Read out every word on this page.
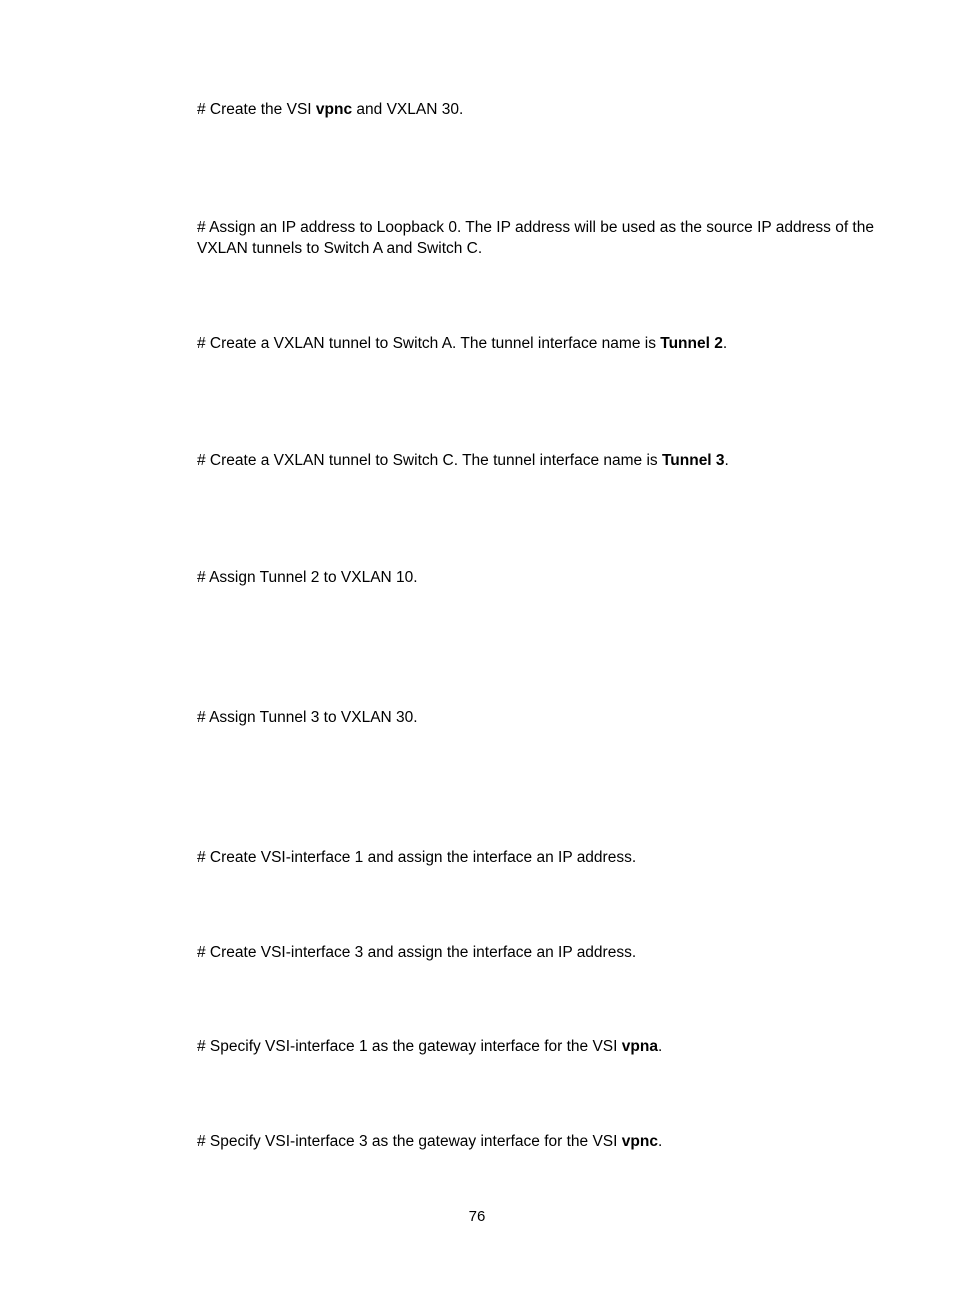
# Create the VSI vpnc and VXLAN 30.

# Assign an IP address to Loopback 0. The IP address will be used as the source IP address of the VXLAN tunnels to Switch A and Switch C.

# Create a VXLAN tunnel to Switch A. The tunnel interface name is Tunnel 2.

# Create a VXLAN tunnel to Switch C. The tunnel interface name is Tunnel 3.

# Assign Tunnel 2 to VXLAN 10.

# Assign Tunnel 3 to VXLAN 30.

# Create VSI-interface 1 and assign the interface an IP address.

# Create VSI-interface 3 and assign the interface an IP address.

# Specify VSI-interface 1 as the gateway interface for the VSI vpna.

# Specify VSI-interface 3 as the gateway interface for the VSI vpnc.

76
